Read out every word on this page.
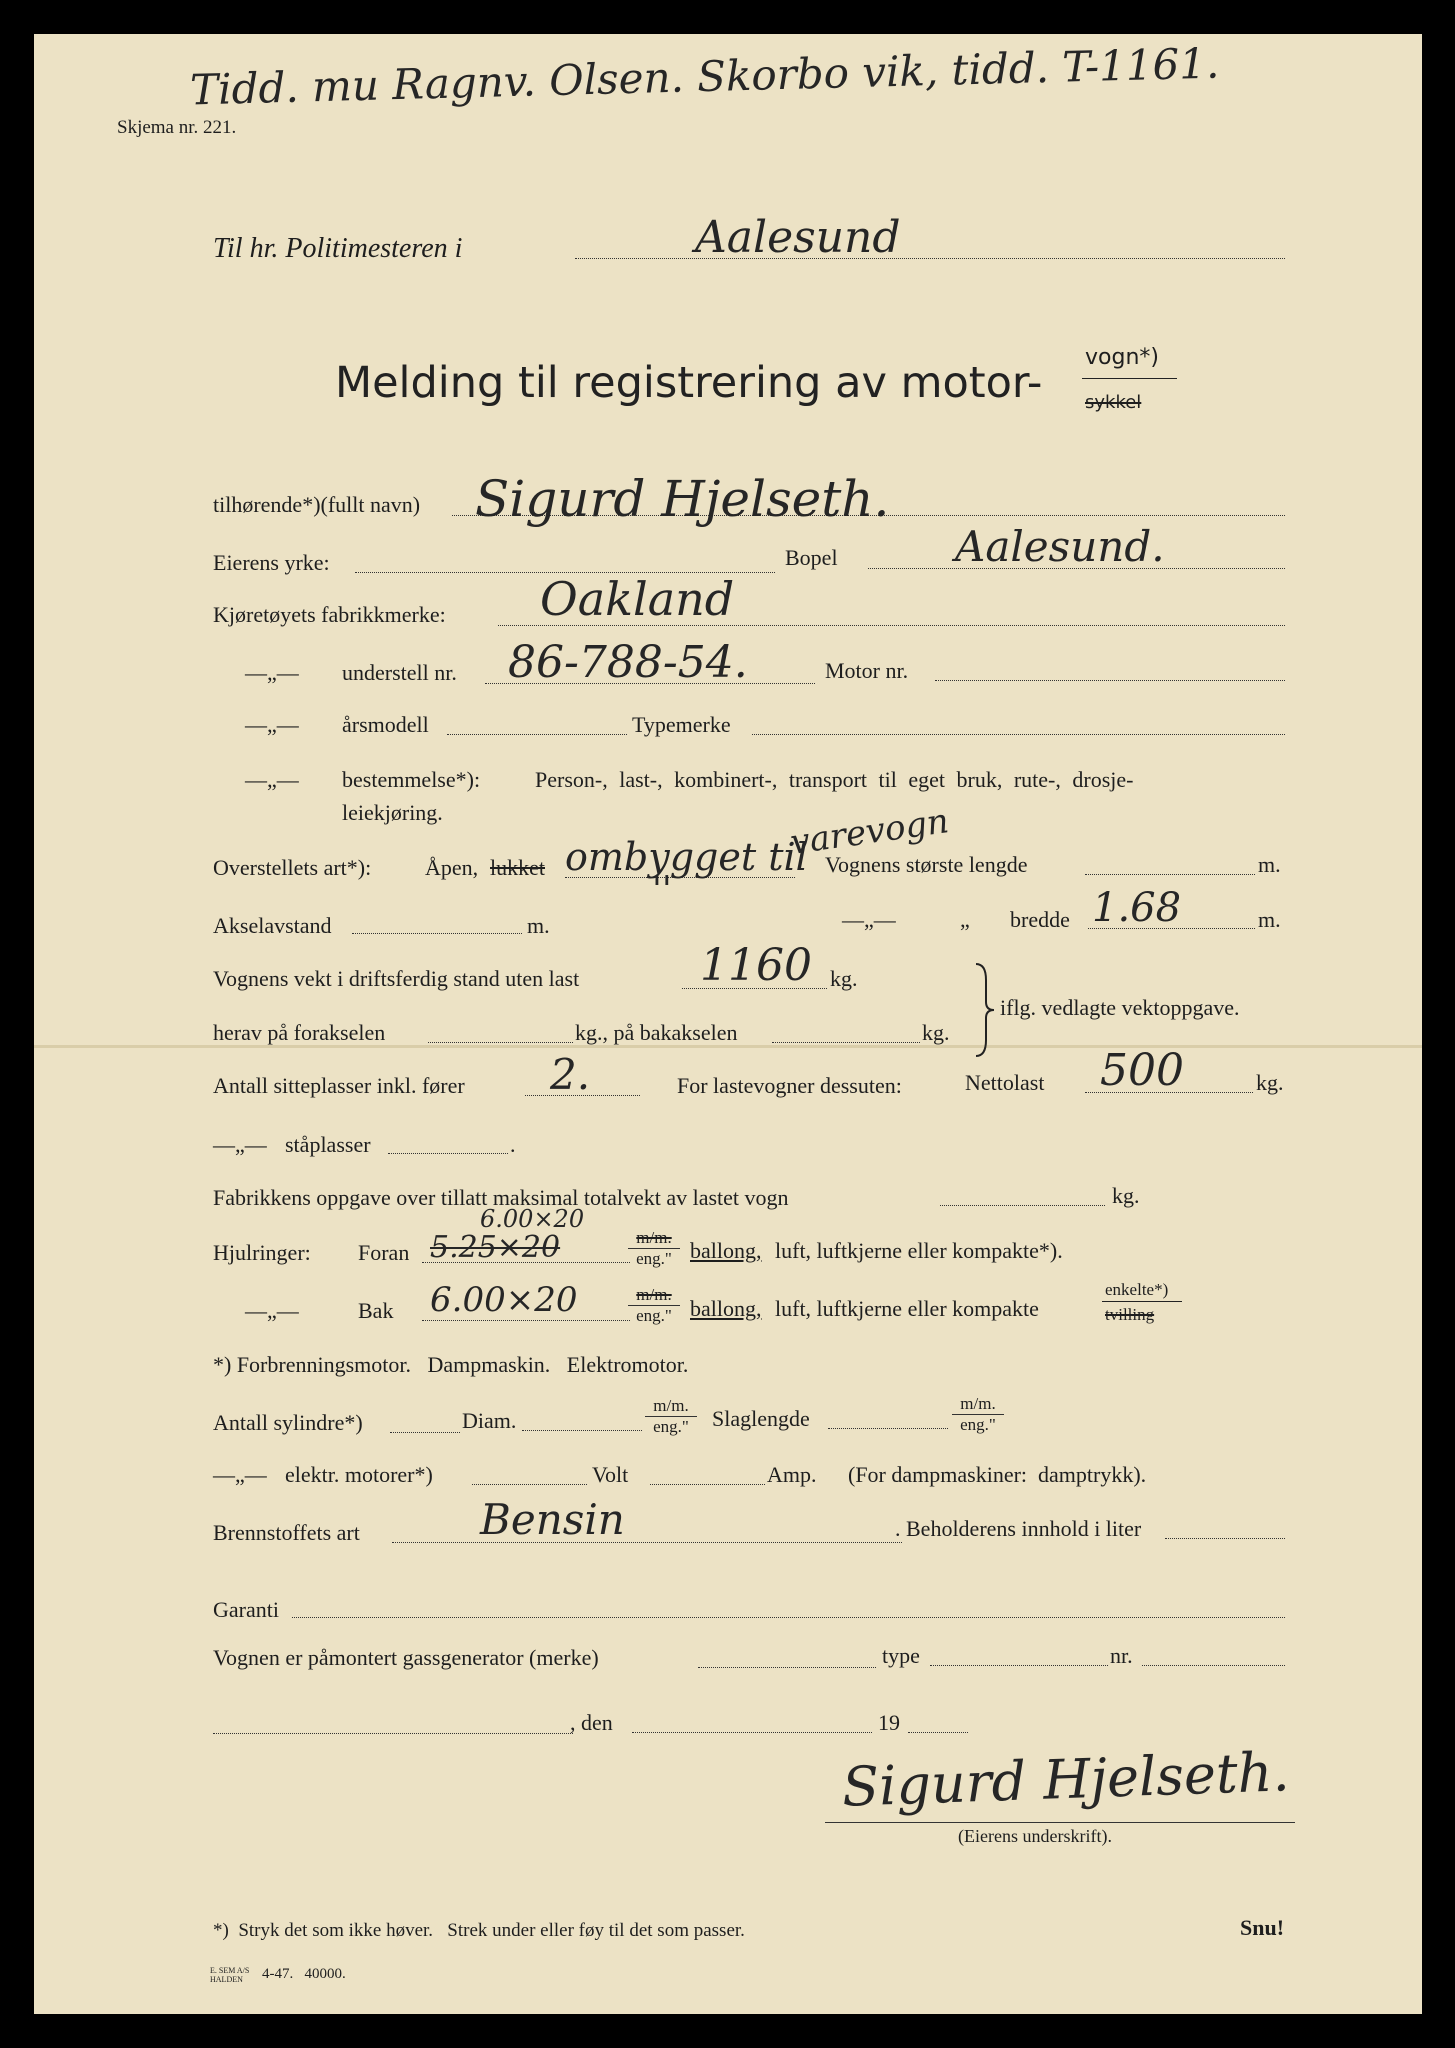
Tidd. mu Ragnv. Olsen. Skorbo vik, tidd. T-1161.
Skjema nr. 221.
Til hr. Politimesteren i	Aalesund
Melding til registrering av motor-
vogn*)
sykkel
tilhørende*)(fullt navn) Sigurd Hjelseth.
Eierens yrke:	Bopel	Aalesund.
Kjøretøyets fabrikkmerke: Oakland
—„— understell nr. 86-788-54.	Motor nr.
—„— årsmodell	Typemerke
—„— bestemmelse*): Person-, last-, kombinert-, transport til eget bruk, rute-, drosje-
leiekjøring.
Overstellets art*): Åpen, lukket ombygget til
varevogn
''
Vognens største lengde	m.
Akselavstand	m.	—„—	„ bredde 1.68	m.
Vognens vekt i driftsferdig stand uten last	1160 kg.
herav på forakselen	kg., på bakakselen	kg.
iflg. vedlagte vektoppgave.
Antall sitteplasser inkl. fører 2.	For lastevogner dessuten:	Nettolast 500	kg.
—„— ståplasser	.
Fabrikkens oppgave over tillatt maksimal totalvekt av lastet vogn	kg.
Hjulringer: Foran 5.25×20
6.00×20
m/m.
eng." ballong, luft, luftkjerne eller kompakte*).
—„—	Bak 6.00×20	m/m.
eng." ballong, luft, luftkjerne eller kompakte
enkelte*)
tvilling
*) Forbrenningsmotor.   Dampmaskin.   Elektromotor.
Antall sylindre*)	Diam.
m/m.
eng."	Slaglengde
m/m.
eng."
—„— elektr. motorer*)	Volt	Amp. (For dampmaskiner:  damptrykk).
Brennstoffets art	Bensin	. Beholderens innhold i liter
Garanti
Vognen er påmontert gassgenerator (merke)	type	nr.
, den	19
Sigurd Hjelseth.
(Eierens underskrift).
*)  Stryk det som ikke høver.   Strek under eller føy til det som passer.	Snu!
E. SEM A/S
HALDEN	4-47.   40000.
